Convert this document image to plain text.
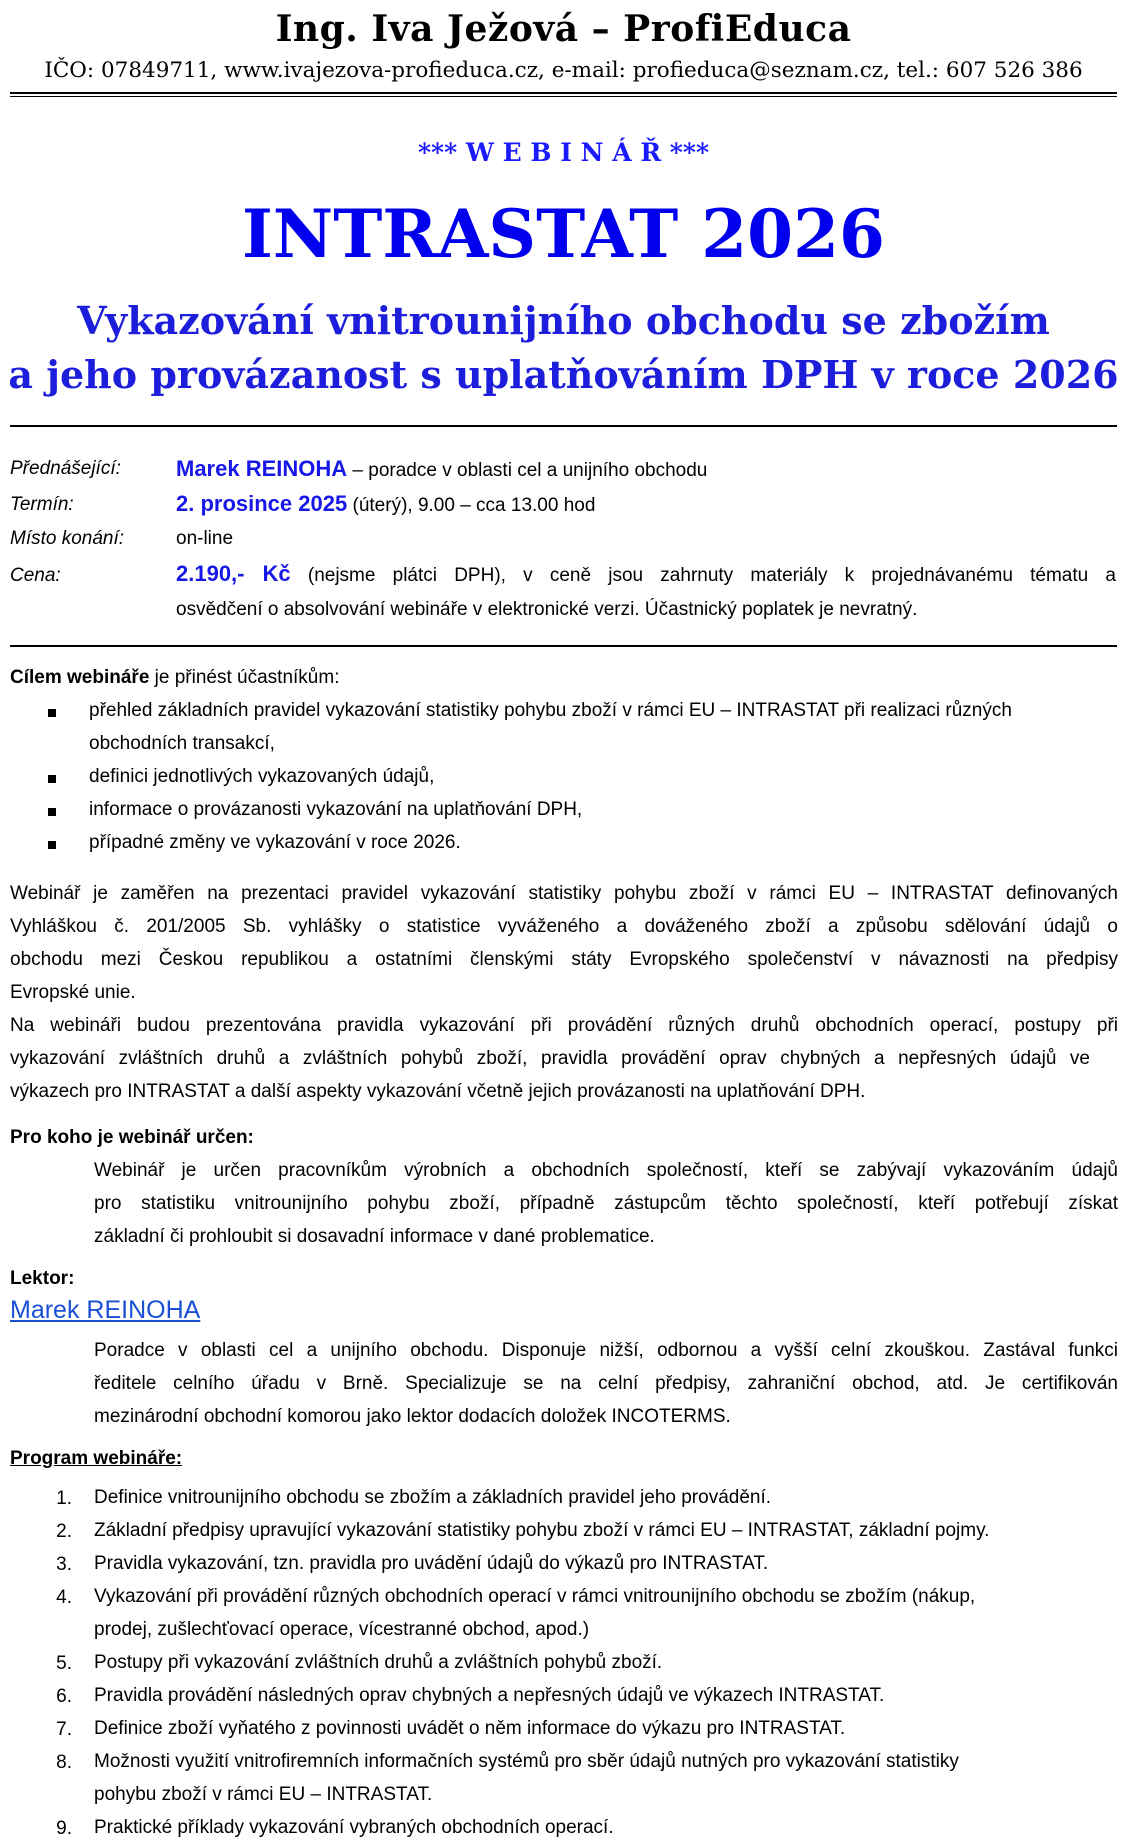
Ing. Iva Ježová – ProfiEduca
IČO: 07849711, www.ivajezova-profieduca.cz, e-mail: profieduca@seznam.cz, tel.: 607 526 386
*** W E B I N Á Ř ***
INTRASTAT 2026
Vykazování vnitrounijního obchodu se zbožím
a jeho provázanost s uplatňováním DPH v roce 2026
Přednášející:	Marek REINOHA – poradce v oblasti cel a unijního obchodu
Termín:	2. prosince 2025 (úterý), 9.00 – cca 13.00 hod
Místo konání:	on-line
Cena:	2.190,- Kč (nejsme plátci DPH), v ceně jsou zahrnuty materiály k projednávanému tématu a
osvědčení o absolvování webináře v elektronické verzi. Účastnický poplatek je nevratný.
Cílem webináře je přinést účastníkům:
přehled základních pravidel vykazování statistiky pohybu zboží v rámci EU – INTRASTAT při realizaci různých
obchodních transakcí,
definici jednotlivých vykazovaných údajů,
informace o provázanosti vykazování na uplatňování DPH,
případné změny ve vykazování v roce 2026.
Webinář je zaměřen na prezentaci pravidel vykazování statistiky pohybu zboží v rámci EU – INTRASTAT definovaných
Vyhláškou č. 201/2005 Sb. vyhlášky o statistice vyváženého a dováženého zboží a způsobu sdělování údajů o
obchodu mezi Českou republikou a ostatními členskými státy Evropského společenství v návaznosti na předpisy
Evropské unie.
Na webináři budou prezentována pravidla vykazování při provádění různých druhů obchodních operací, postupy při
vykazování zvláštních druhů a zvláštních pohybů zboží, pravidla provádění oprav chybných a nepřesných údajů ve
výkazech pro INTRASTAT a další aspekty vykazování včetně jejich provázanosti na uplatňování DPH.
Pro koho je webinář určen:
Webinář je určen pracovníkům výrobních a obchodních společností, kteří se zabývají vykazováním údajů
pro statistiku vnitrounijního pohybu zboží, případně zástupcům těchto společností, kteří potřebují získat
základní či prohloubit si dosavadní informace v dané problematice.
Lektor:
Marek REINOHA
Poradce v oblasti cel a unijního obchodu. Disponuje nižší, odbornou a vyšší celní zkouškou. Zastával funkci
ředitele celního úřadu v Brně. Specializuje se na celní předpisy, zahraniční obchod, atd. Je certifikován
mezinárodní obchodní komorou jako lektor dodacích doložek INCOTERMS.
Program webináře:
1. Definice vnitrounijního obchodu se zbožím a základních pravidel jeho provádění.
2. Základní předpisy upravující vykazování statistiky pohybu zboží v rámci EU – INTRASTAT, základní pojmy.
3. Pravidla vykazování, tzn. pravidla pro uvádění údajů do výkazů pro INTRASTAT.
4. Vykazování při provádění různých obchodních operací v rámci vnitrounijního obchodu se zbožím (nákup,
prodej, zušlechťovací operace, vícestranné obchod, apod.)
5. Postupy při vykazování zvláštních druhů a zvláštních pohybů zboží.
6. Pravidla provádění následných oprav chybných a nepřesných údajů ve výkazech INTRASTAT.
7. Definice zboží vyňatého z povinnosti uvádět o něm informace do výkazu pro INTRASTAT.
8. Možnosti využití vnitrofiremních informačních systémů pro sběr údajů nutných pro vykazování statistiky
pohybu zboží v rámci EU – INTRASTAT.
9. Praktické příklady vykazování vybraných obchodních operací.
